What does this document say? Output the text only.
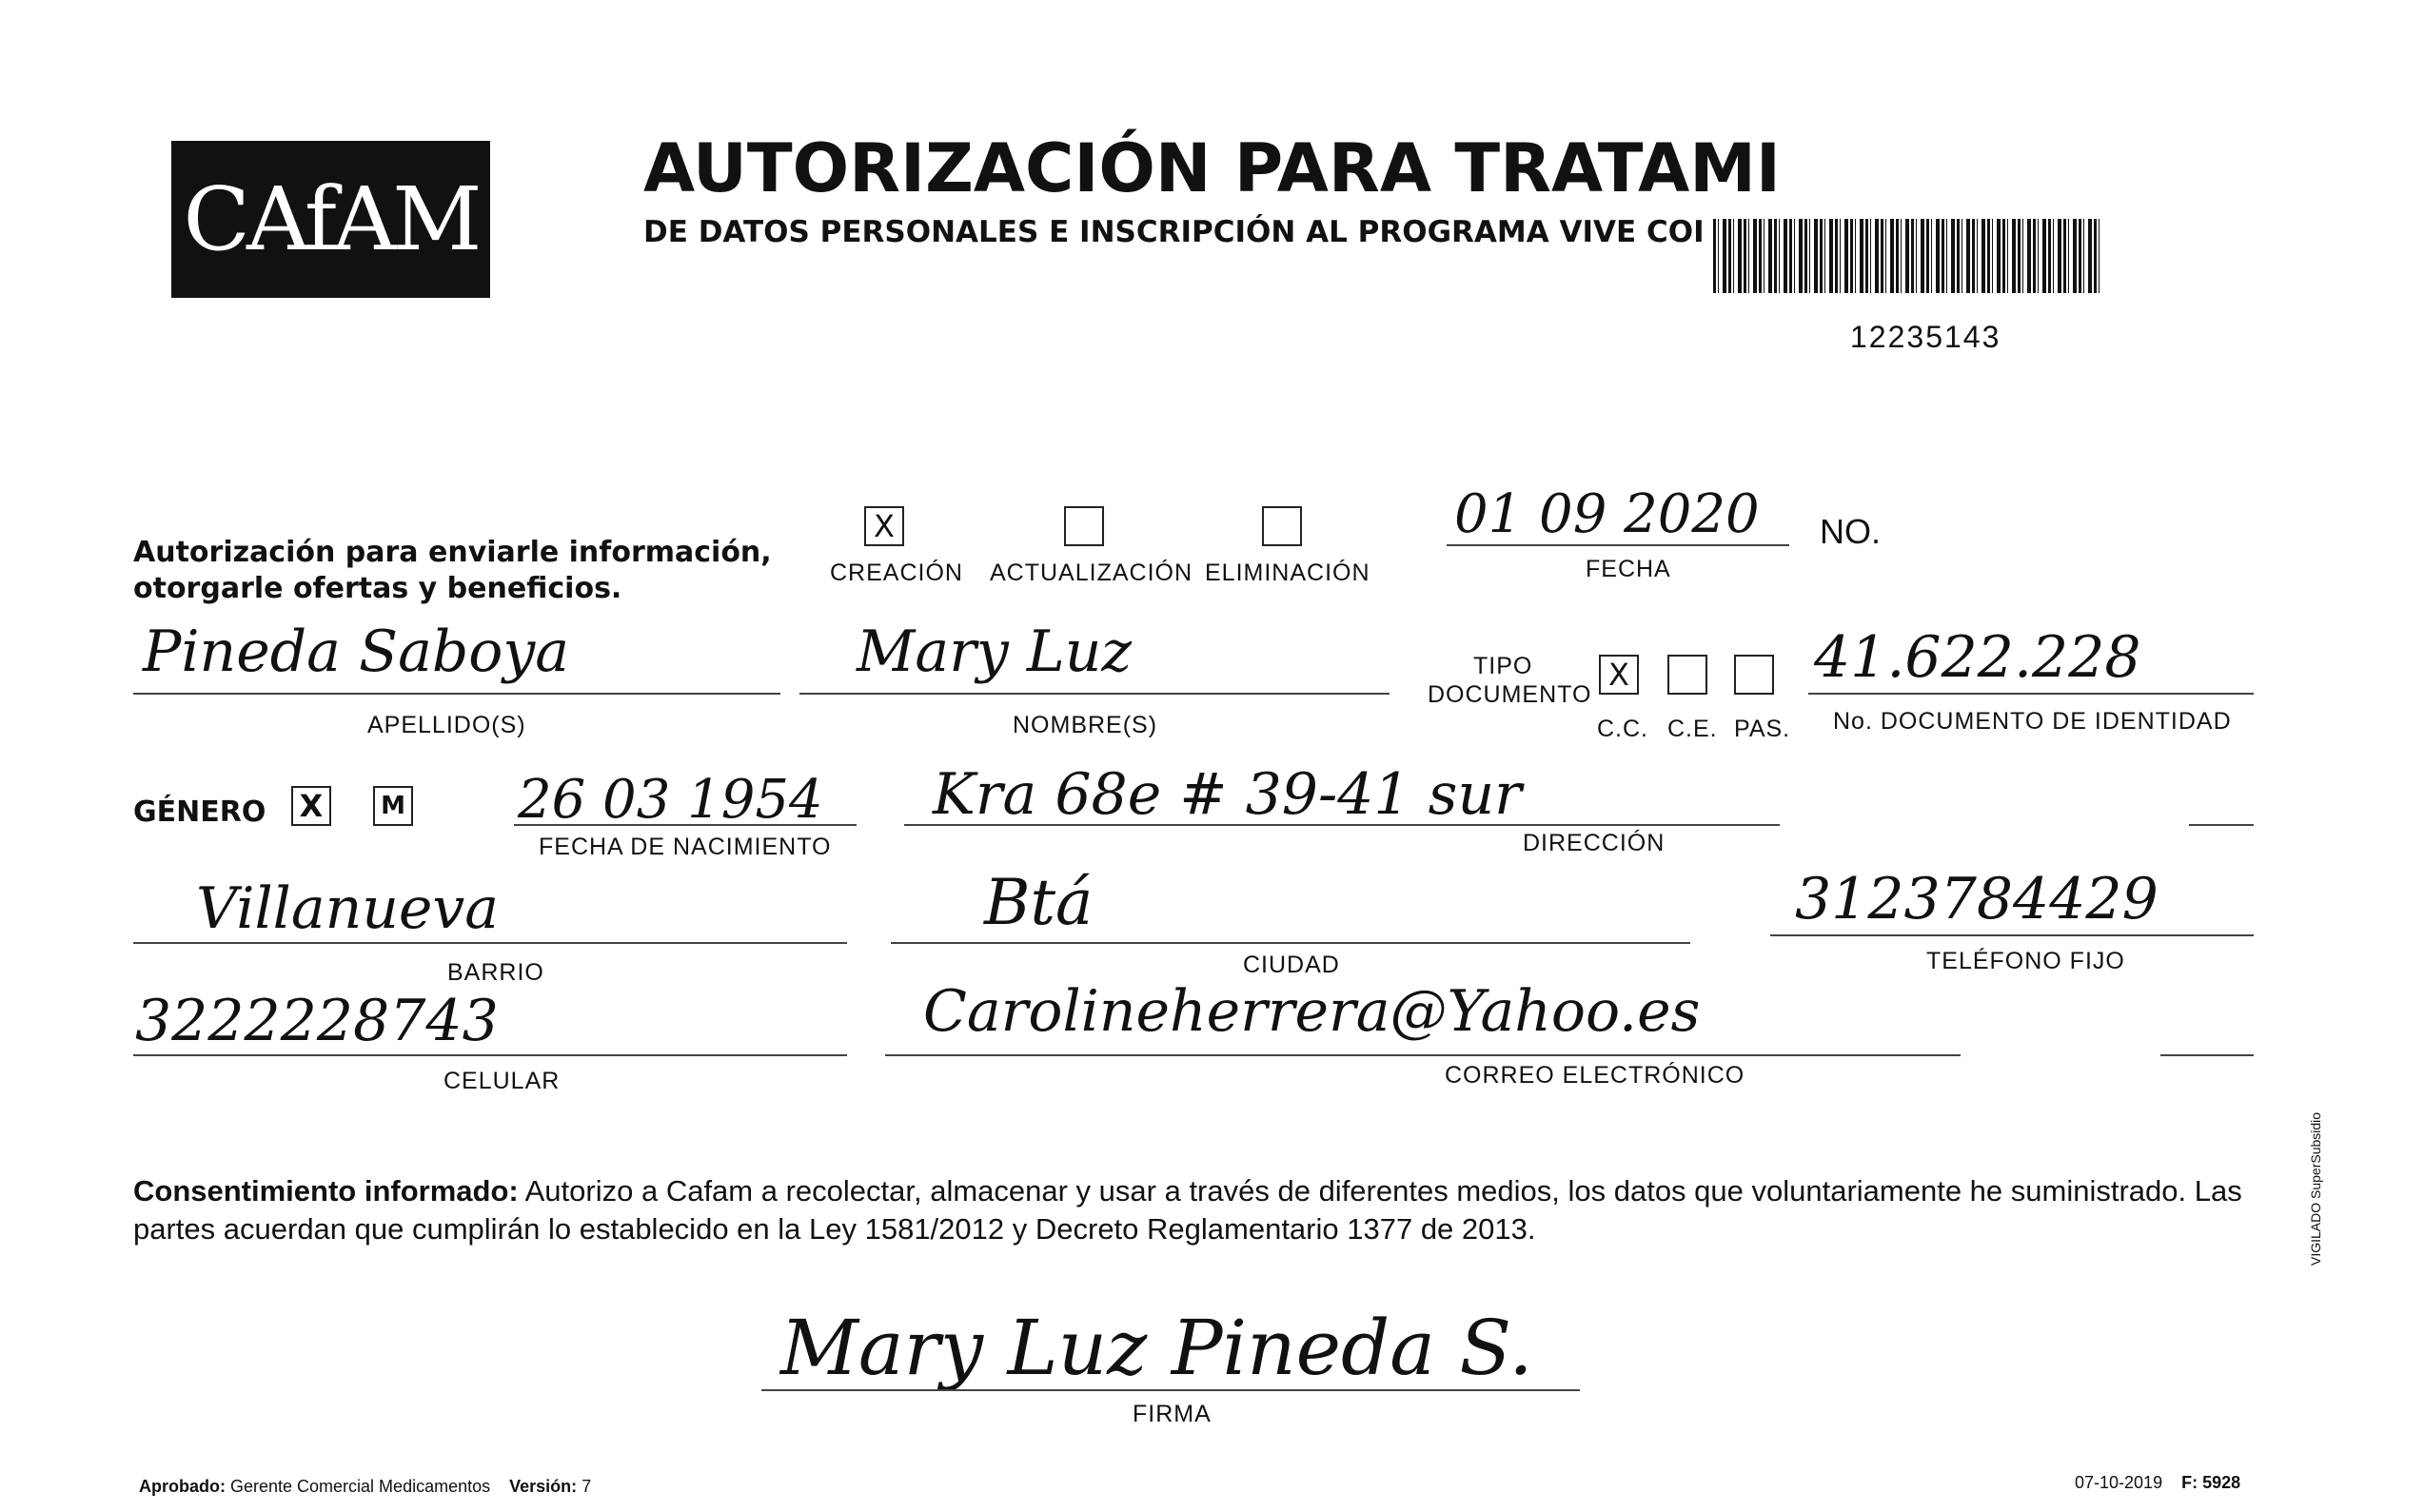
CAfAM AUTORIZACIÓN PARA TRATAMI
DE DATOS PERSONALES E INSCRIPCIÓN AL PROGRAMA VIVE COI
12235143
Autorización para enviarle información,
otorgarle ofertas y beneficios.
X
CREACIÓN ACTUALIZACIÓN ELIMINACIÓN
01 09 2020
FECHA
NO.
Pineda Saboya
APELLIDO(S)
Mary Luz
NOMBRE(S)
TIPO
DOCUMENTO
X
C.C. C.E. PAS.
41.622.228
No. DOCUMENTO DE IDENTIDAD
GÉNERO X	M 26 03 1954
FECHA DE NACIMIENTO
Kra 68e # 39-41 sur
DIRECCIÓN
Villanueva
BARRIO
Btá
CIUDAD
3123784429
TELÉFONO FIJO
3222228743
CELULAR
Carolineherrera@Yahoo.es
CORREO ELECTRÓNICO
Consentimiento informado: Autorizo a Cafam a recolectar, almacenar y usar a través de diferentes medios, los datos que voluntariamente he suministrado. Las partes acuerdan que cumplirán lo establecido en la Ley 1581/2012 y Decreto Reglamentario 1377 de 2013.
Mary Luz Pineda S.
FIRMA
Aprobado: Gerente Comercial Medicamentos Versión: 7	07-10-2019 F: 5928
VIGILADO SuperSubsidio
